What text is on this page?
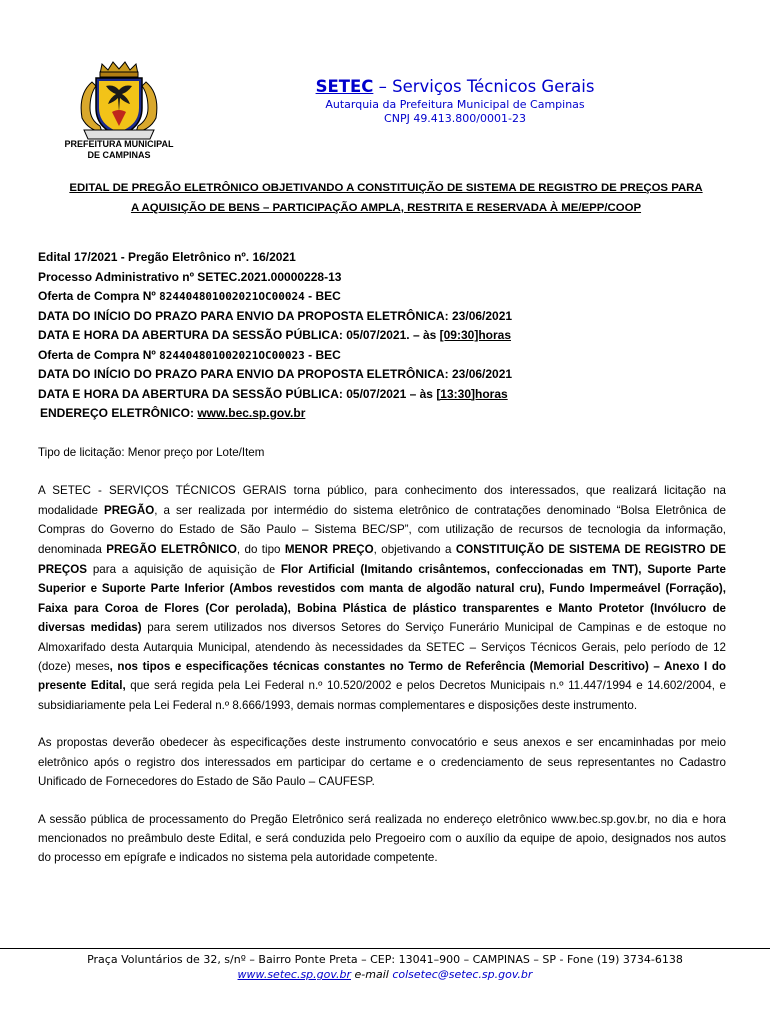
PREFEITURA MUNICIPAL
DE CAMPINAS
SETEC – Serviços Técnicos Gerais
Autarquia da Prefeitura Municipal de Campinas
CNPJ 49.413.800/0001-23
EDITAL DE PREGÃO ELETRÔNICO OBJETIVANDO A CONSTITUIÇÃO DE SISTEMA DE REGISTRO DE PREÇOS PARA
A AQUISIÇÃO DE BENS – PARTICIPAÇÃO AMPLA, RESTRITA E RESERVADA À ME/EPP/COOP
Edital 17/2021 - Pregão Eletrônico nº. 16/2021
Processo Administrativo nº SETEC.2021.00000228-13
Oferta de Compra Nº 824404801002021OC00024 - BEC
DATA DO INÍCIO DO PRAZO PARA ENVIO DA PROPOSTA ELETRÔNICA: 23/06/2021
DATA E HORA DA ABERTURA DA SESSÃO PÚBLICA: 05/07/2021. – às [09:30]horas
Oferta de Compra Nº 824404801002021OC00023 - BEC
DATA DO INÍCIO DO PRAZO PARA ENVIO DA PROPOSTA ELETRÔNICA: 23/06/2021
DATA E HORA DA ABERTURA DA SESSÃO PÚBLICA: 05/07/2021 – às [13:30]horas
ENDEREÇO ELETRÔNICO: www.bec.sp.gov.br

Tipo de licitação: Menor preço por Lote/Item

A SETEC - SERVIÇOS TÉCNICOS GERAIS torna público, para conhecimento dos interessados, que realizará licitação na modalidade PREGÃO, a ser realizada por intermédio do sistema eletrônico de contratações denominado “Bolsa Eletrônica de Compras do Governo do Estado de São Paulo – Sistema BEC/SP”, com utilização de recursos de tecnologia da informação, denominada PREGÃO ELETRÔNICO, do tipo MENOR PREÇO, objetivando a CONSTITUIÇÃO DE SISTEMA DE REGISTRO DE PREÇOS para a aquisição de aquisição de Flor Artificial (Imitando crisântemos, confeccionadas em TNT), Suporte Parte Superior e Suporte Parte Inferior (Ambos revestidos com manta de algodão natural cru), Fundo Impermeável (Forração), Faixa para Coroa de Flores (Cor perolada), Bobina Plástica de plástico transparentes e Manto Protetor (Invólucro de diversas medidas) para serem utilizados nos diversos Setores do Serviço Funerário Municipal de Campinas e de estoque no Almoxarifado desta Autarquia Municipal, atendendo às necessidades da SETEC – Serviços Técnicos Gerais, pelo período de 12 (doze) meses, nos tipos e especificações técnicas constantes no Termo de Referência (Memorial Descritivo) – Anexo I do presente Edital, que será regida pela Lei Federal n.º 10.520/2002 e pelos Decretos Municipais n.º 11.447/1994 e 14.602/2004, e subsidiariamente pela Lei Federal n.º 8.666/1993, demais normas complementares e disposições deste instrumento.

As propostas deverão obedecer às especificações deste instrumento convocatório e seus anexos e ser encaminhadas por meio eletrônico após o registro dos interessados em participar do certame e o credenciamento de seus representantes no Cadastro Unificado de Fornecedores do Estado de São Paulo – CAUFESP.

A sessão pública de processamento do Pregão Eletrônico será realizada no endereço eletrônico www.bec.sp.gov.br, no dia e hora mencionados no preâmbulo deste Edital, e será conduzida pelo Pregoeiro com o auxílio da equipe de apoio, designados nos autos do processo em epígrafe e indicados no sistema pela autoridade competente.

Praça Voluntários de 32, s/nº – Bairro Ponte Preta – CEP: 13041–900 – CAMPINAS – SP - Fone (19) 3734-6138
www.setec.sp.gov.br e-mail colsetec@setec.sp.gov.br
